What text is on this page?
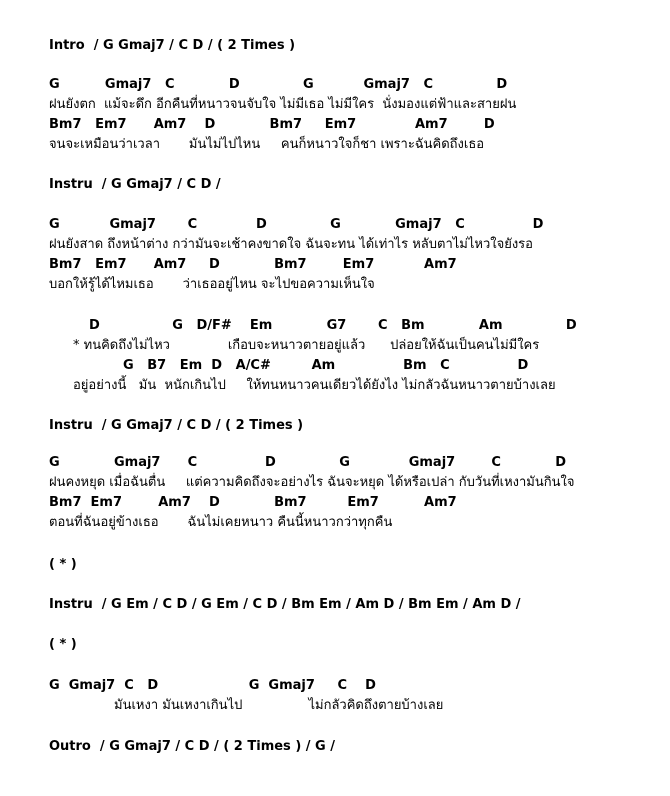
Intro  / G Gmaj7 / C D / ( 2 Times )
G          Gmaj7   C            D              G           Gmaj7   C              D
ฝนยังตก  แม้จะดึก อีกคืนที่หนาวจนจับใจ ไม่มีเธอ ไม่มีใคร  นั่งมองแต่ฟ้าและสายฝน
Bm7   Em7      Am7    D            Bm7     Em7             Am7        D
จนจะเหมือนว่าเวลา       มันไม่ไปไหน     คนก็หนาวใจก็ชา เพราะฉันคิดถึงเธอ
Instru  / G Gmaj7 / C D /
G           Gmaj7       C             D              G            Gmaj7   C               D
ฝนยังสาด ถึงหน้าต่าง กว่ามันจะเช้าคงขาดใจ ฉันจะทน ได้เท่าไร หลับตาไม่ไหวใจยังรอ
Bm7   Em7      Am7     D            Bm7        Em7           Am7
บอกให้รู้ได้ไหมเธอ       ว่าเธออยู่ไหน จะไปขอความเห็นใจ
D                G   D/F#    Em            G7       C   Bm            Am              D
* ทนคิดถึงไม่ไหว              เกือบจะหนาวตายอยู่แล้ว      ปล่อยให้ฉันเป็นคนไม่มีใคร
G   B7   Em  D   A/C#         Am               Bm   C               D
อยู่อย่างนี้   มัน  หนักเกินไป     ให้ทนหนาวคนเดียวได้ยังไง ไม่กลัวฉันหนาวตายบ้างเลย
Instru  / G Gmaj7 / C D / ( 2 Times )
G            Gmaj7      C               D              G             Gmaj7        C            D
ฝนคงหยุด เมื่อฉันตื่น     แต่ความคิดถึงจะอย่างไร ฉันจะหยุด ได้หรือเปล่า กับวันที่เหงามันกินใจ
Bm7  Em7        Am7    D            Bm7         Em7          Am7
ตอนที่ฉันอยู่ข้างเธอ       ฉันไม่เคยหนาว คืนนี้หนาวกว่าทุกคืน
( * )
Instru  / G Em / C D / G Em / C D / Bm Em / Am D / Bm Em / Am D /
( * )
G  Gmaj7  C   D                    G  Gmaj7     C    D
มันเหงา มันเหงาเกินไป                ไม่กลัวคิดถึงตายบ้างเลย
Outro  / G Gmaj7 / C D / ( 2 Times ) / G /
